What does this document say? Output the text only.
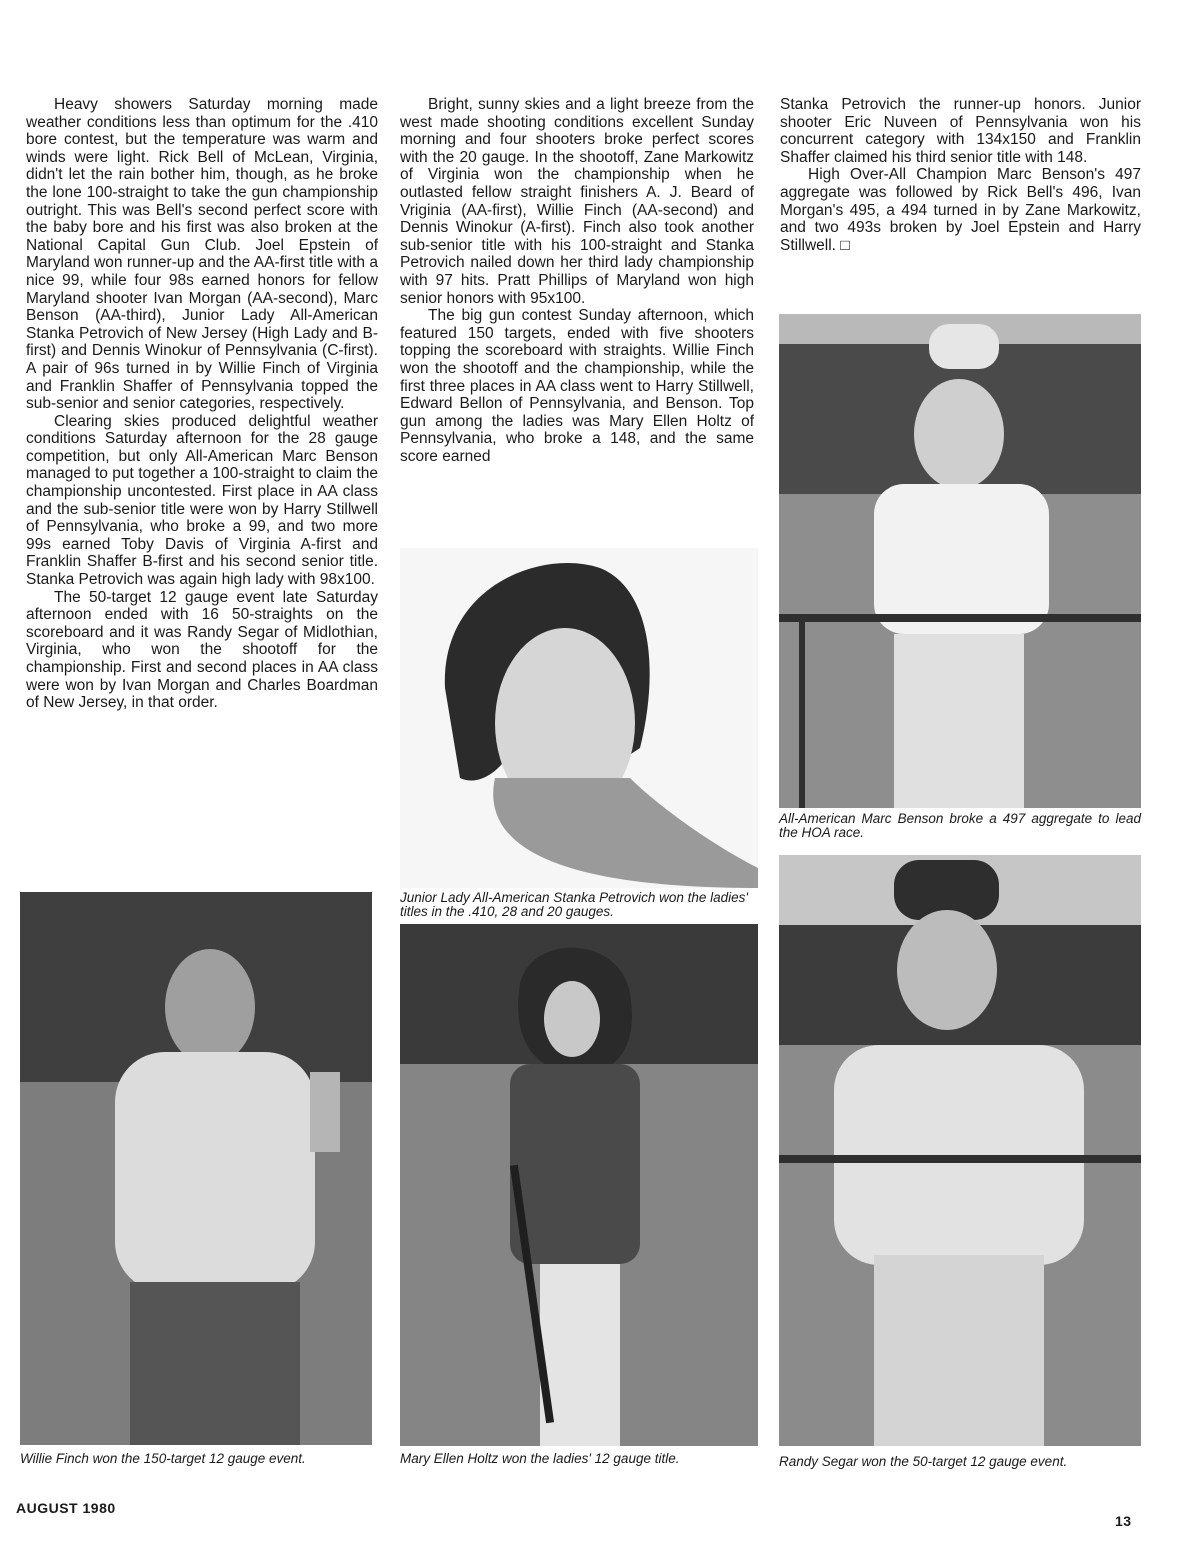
Heavy showers Saturday morning made weather conditions less than optimum for the .410 bore contest, but the temperature was warm and winds were light. Rick Bell of McLean, Virginia, didn't let the rain bother him, though, as he broke the lone 100-straight to take the gun championship outright. This was Bell's second perfect score with the baby bore and his first was also broken at the National Capital Gun Club. Joel Epstein of Maryland won runner-up and the AA-first title with a nice 99, while four 98s earned honors for fellow Maryland shooter Ivan Morgan (AA-second), Marc Benson (AA-third), Junior Lady All-American Stanka Petrovich of New Jersey (High Lady and B-first) and Dennis Winokur of Pennsylvania (C-first). A pair of 96s turned in by Willie Finch of Virginia and Franklin Shaffer of Pennsylvania topped the sub-senior and senior categories, respectively.

Clearing skies produced delightful weather conditions Saturday afternoon for the 28 gauge competition, but only All-American Marc Benson managed to put together a 100-straight to claim the championship uncontested. First place in AA class and the sub-senior title were won by Harry Stillwell of Pennsylvania, who broke a 99, and two more 99s earned Toby Davis of Virginia A-first and Franklin Shaffer B-first and his second senior title. Stanka Petrovich was again high lady with 98x100.

The 50-target 12 gauge event late Saturday afternoon ended with 16 50-straights on the scoreboard and it was Randy Segar of Midlothian, Virginia, who won the shootoff for the championship. First and second places in AA class were won by Ivan Morgan and Charles Boardman of New Jersey, in that order.

Bright, sunny skies and a light breeze from the west made shooting conditions excellent Sunday morning and four shooters broke perfect scores with the 20 gauge. In the shootoff, Zane Markowitz of Virginia won the championship when he outlasted fellow straight finishers A. J. Beard of Vriginia (AA-first), Willie Finch (AA-second) and Dennis Winokur (A-first). Finch also took another sub-senior title with his 100-straight and Stanka Petrovich nailed down her third lady championship with 97 hits. Pratt Phillips of Maryland won high senior honors with 95x100.

The big gun contest Sunday afternoon, which featured 150 targets, ended with five shooters topping the scoreboard with straights. Willie Finch won the shootoff and the championship, while the first three places in AA class went to Harry Stillwell, Edward Bellon of Pennsylvania, and Benson. Top gun among the ladies was Mary Ellen Holtz of Pennsylvania, who broke a 148, and the same score earned

Stanka Petrovich the runner-up honors. Junior shooter Eric Nuveen of Pennsylvania won his concurrent category with 134x150 and Franklin Shaffer claimed his third senior title with 148.

High Over-All Champion Marc Benson's 497 aggregate was followed by Rick Bell's 496, Ivan Morgan's 495, a 494 turned in by Zane Markowitz, and two 493s broken by Joel Epstein and Harry Stillwell. □

All-American Marc Benson broke a 497 aggregate to lead the HOA race.
Junior Lady All-American Stanka Petrovich won the ladies' titles in the .410, 28 and 20 gauges.
Willie Finch won the 150-target 12 gauge event.	Mary Ellen Holtz won the ladies' 12 gauge title.	Randy Segar won the 50-target 12 gauge event.
AUGUST 1980
13
